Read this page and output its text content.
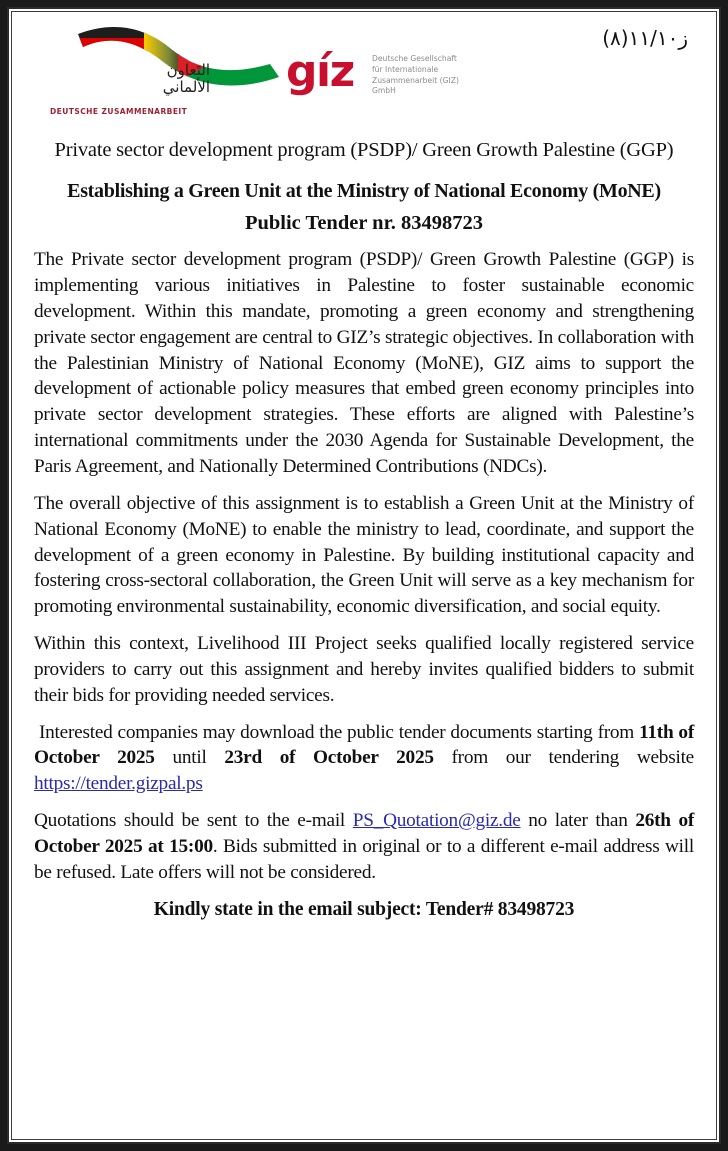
التَعاون
الألماني
DEUTSCHE ZUSAMMENARBEIT
gíz Deutsche Gesellschaft
für Internationale
Zusammenarbeit (GIZ) GmbH
ز١١/١٠(٨)
Private sector development program (PSDP)/ Green Growth Palestine (GGP)
Establishing a Green Unit at the Ministry of National Economy (MoNE)
Public Tender nr. 83498723

The Private sector development program (PSDP)/ Green Growth Palestine (GGP) is implementing various initiatives in Palestine to foster sustainable economic development. Within this mandate, promoting a green economy and strengthening private sector engagement are central to GIZ’s strategic objectives. In collaboration with the Palestinian Ministry of National Economy (MoNE), GIZ aims to support the development of actionable policy measures that embed green economy principles into private sector development strategies. These efforts are aligned with Palestine’s international commitments under the 2030 Agenda for Sustainable Development, the Paris Agreement, and Nationally Determined Contributions (NDCs).

The overall objective of this assignment is to establish a Green Unit at the Ministry of National Economy (MoNE) to enable the ministry to lead, coordinate, and support the development of a green economy in Palestine. By building institutional capacity and fostering cross-sectoral collaboration, the Green Unit will serve as a key mechanism for promoting environmental sustainability, economic diversification, and social equity.

Within this context, Livelihood III Project seeks qualified locally registered service providers to carry out this assignment and hereby invites qualified bidders to submit their bids for providing needed services.

Interested companies may download the public tender documents starting from 11th of October 2025 until 23rd of October 2025 from our tendering website https://tender.gizpal.ps

Quotations should be sent to the e-mail PS_Quotation@giz.de no later than 26th of October 2025 at 15:00. Bids submitted in original or to a different e-mail address will be refused. Late offers will not be considered.

Kindly state in the email subject: Tender# 83498723
